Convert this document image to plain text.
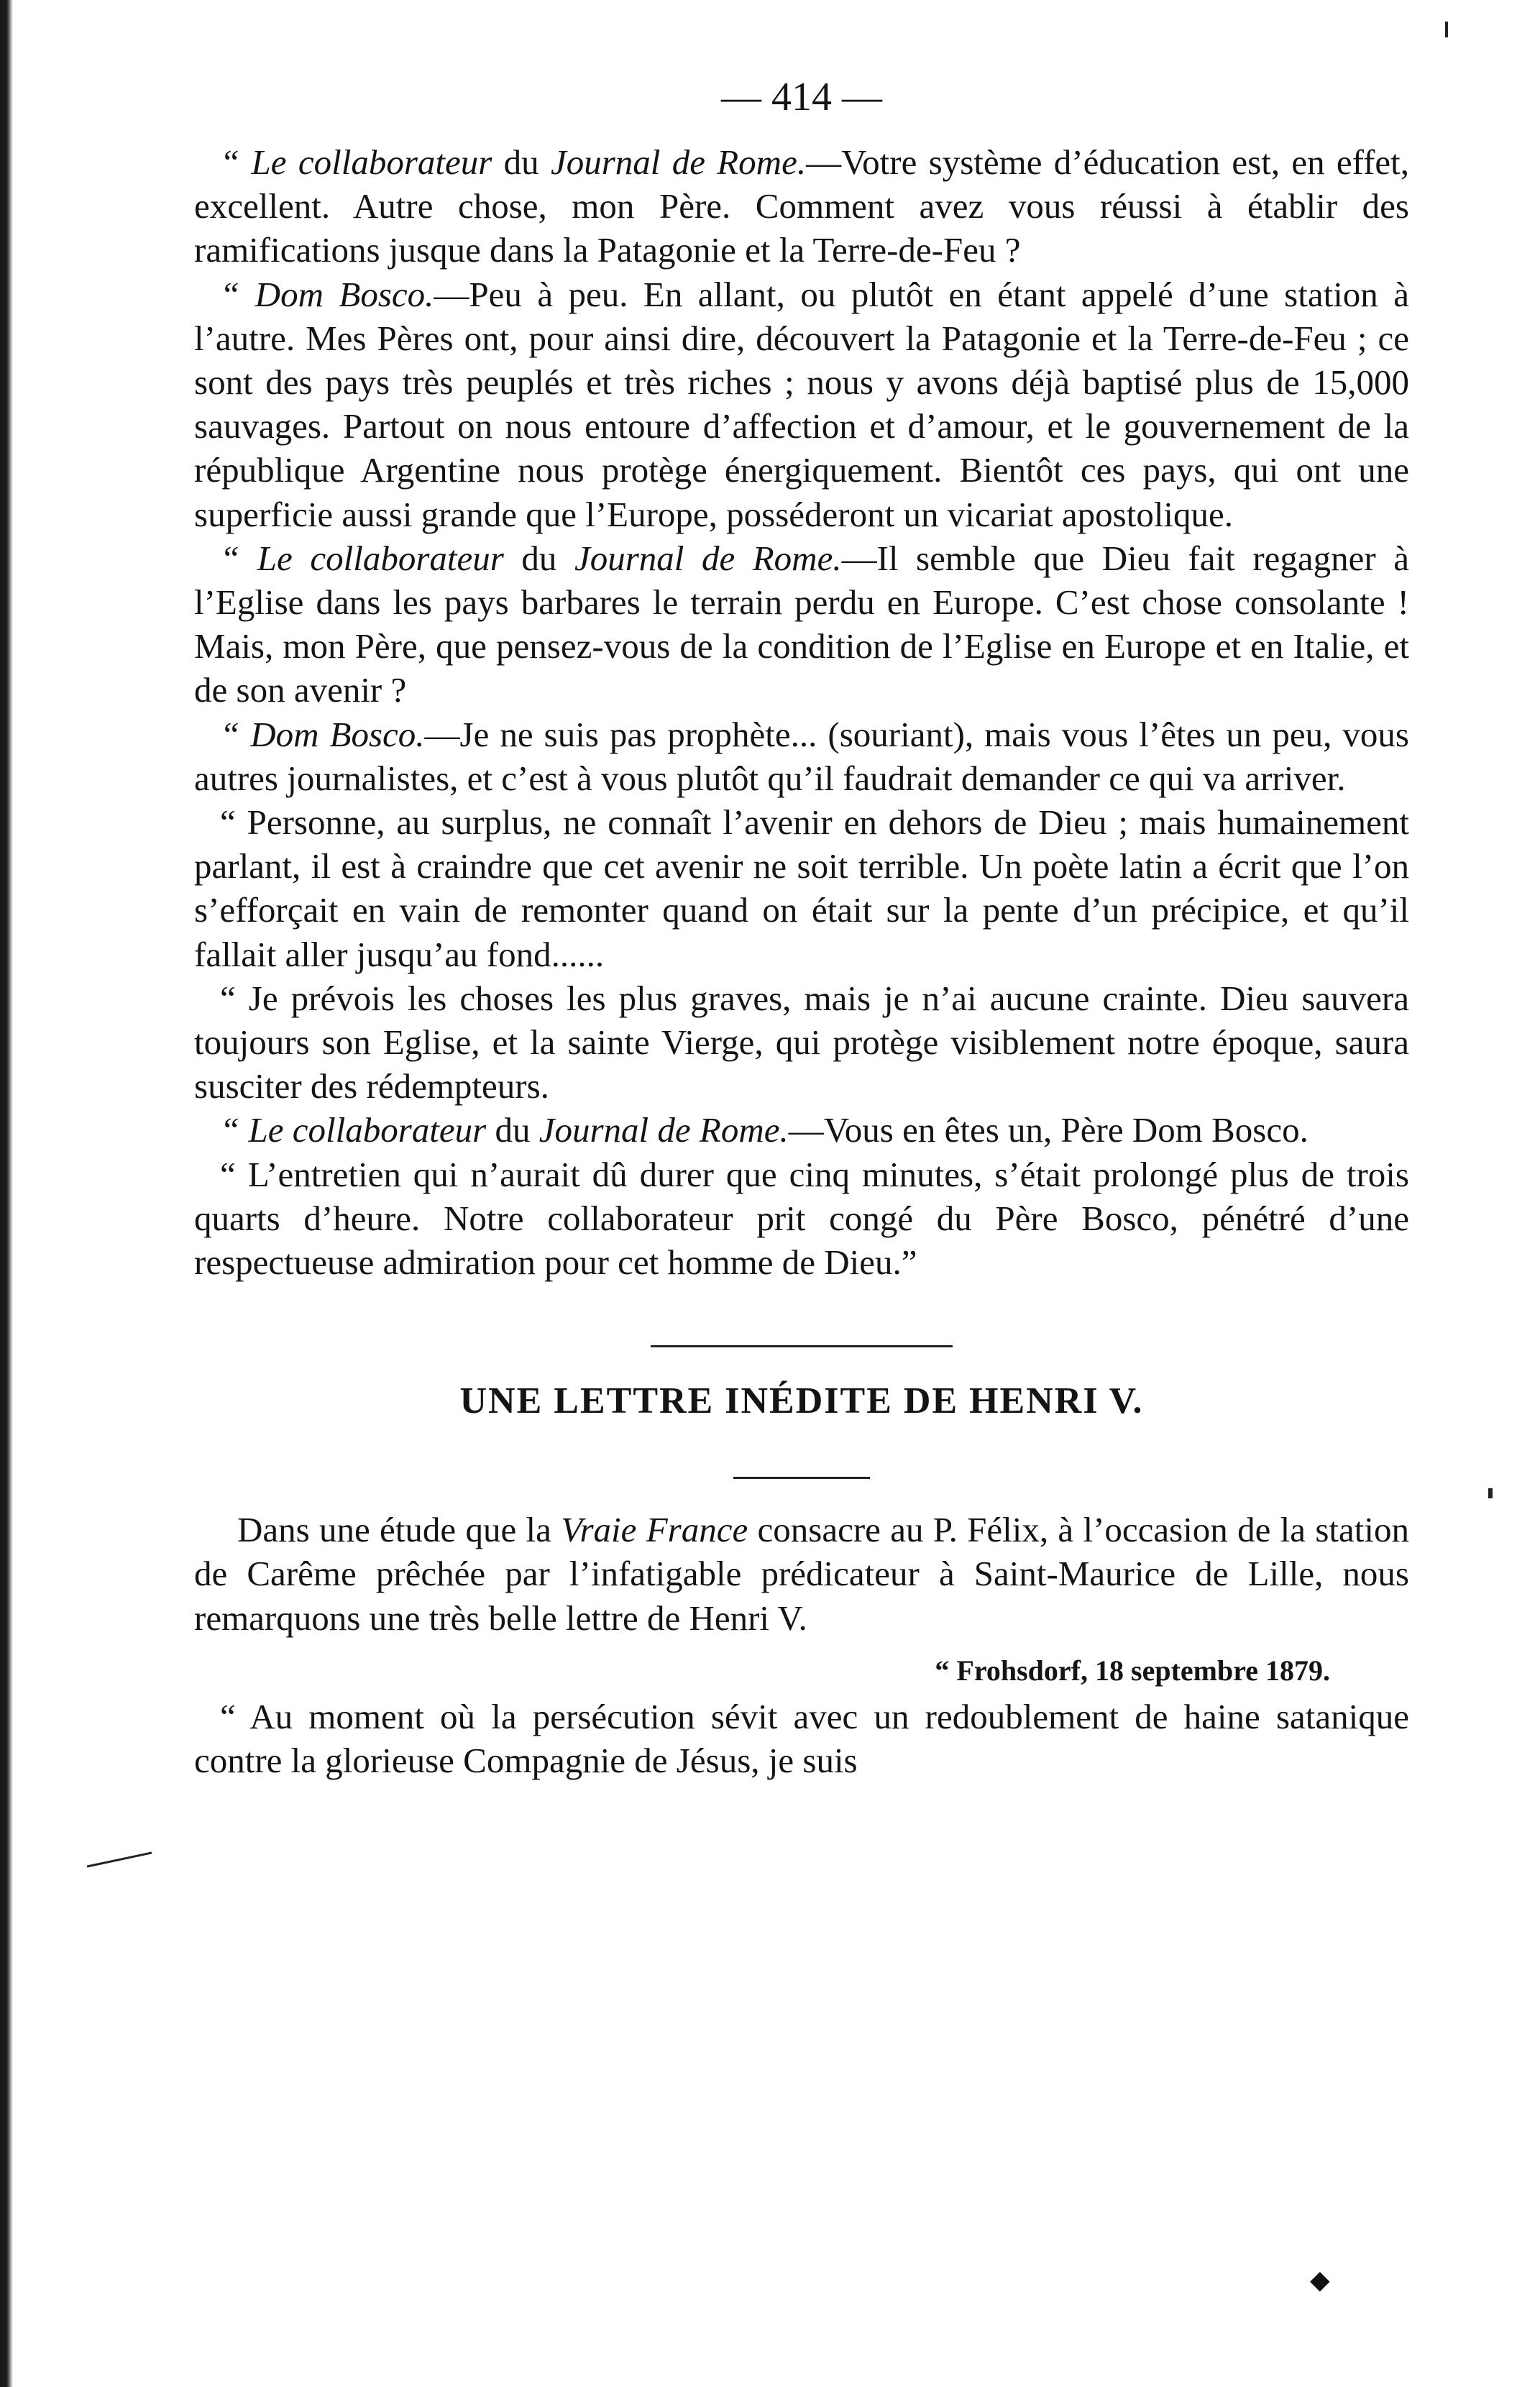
— 414 —

“ Le collaborateur du Journal de Rome.—Votre système d’éducation est, en effet, excellent. Autre chose, mon Père. Comment avez vous réussi à établir des ramifications jusque dans la Patagonie et la Terre-de-Feu ?

“ Dom Bosco.—Peu à peu. En allant, ou plutôt en étant appelé d’une station à l’autre. Mes Pères ont, pour ainsi dire, découvert la Patagonie et la Terre-de-Feu ; ce sont des pays très peuplés et très riches ; nous y avons déjà baptisé plus de 15,000 sauvages. Partout on nous entoure d’affection et d’amour, et le gouvernement de la république Argentine nous protège énergiquement. Bientôt ces pays, qui ont une superficie aussi grande que l’Europe, posséderont un vicariat apostolique.

“ Le collaborateur du Journal de Rome.—Il semble que Dieu fait regagner à l’Eglise dans les pays barbares le terrain perdu en Europe. C’est chose consolante ! Mais, mon Père, que pensez-vous de la condition de l’Eglise en Europe et en Italie, et de son avenir ?

“ Dom Bosco.—Je ne suis pas prophète... (souriant), mais vous l’êtes un peu, vous autres journalistes, et c’est à vous plutôt qu’il faudrait demander ce qui va arriver.

“ Personne, au surplus, ne connaît l’avenir en dehors de Dieu ; mais humainement parlant, il est à craindre que cet avenir ne soit terrible. Un poète latin a écrit que l’on s’efforçait en vain de remonter quand on était sur la pente d’un précipice, et qu’il fallait aller jusqu’au fond......

“ Je prévois les choses les plus graves, mais je n’ai aucune crainte. Dieu sauvera toujours son Eglise, et la sainte Vierge, qui protège visiblement notre époque, saura susciter des rédempteurs.

“ Le collaborateur du Journal de Rome.—Vous en êtes un, Père Dom Bosco.

“ L’entretien qui n’aurait dû durer que cinq minutes, s’était prolongé plus de trois quarts d’heure. Notre collaborateur prit congé du Père Bosco, pénétré d’une respectueuse admiration pour cet homme de Dieu.”

UNE LETTRE INÉDITE DE HENRI V.

Dans une étude que la Vraie France consacre au P. Félix, à l’occasion de la station de Carême prêchée par l’infatigable prédicateur à Saint-Maurice de Lille, nous remarquons une très belle lettre de Henri V.

“ Frohsdorf, 18 septembre 1879.

“ Au moment où la persécution sévit avec un redoublement de haine satanique contre la glorieuse Compagnie de Jésus, je suis

◆
